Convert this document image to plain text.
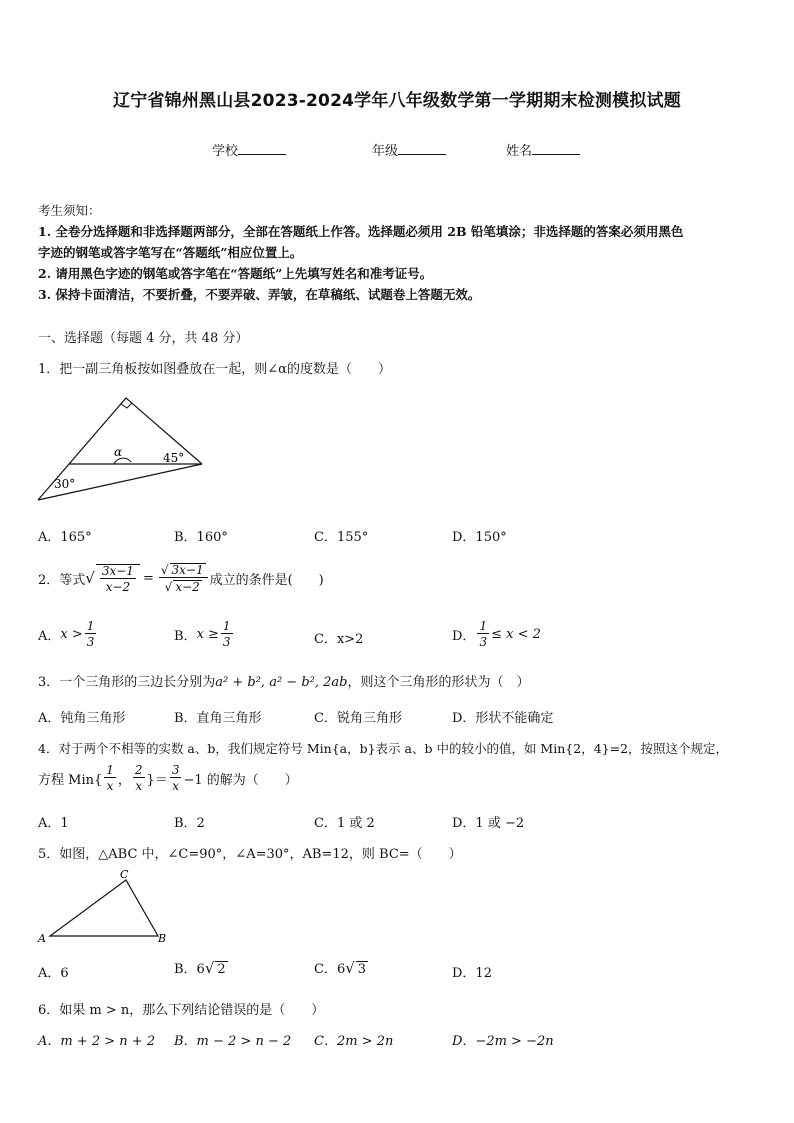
辽宁省锦州黑山县2023-2024学年八年级数学第一学期期末检测模拟试题
学校	年级	姓名
考生须知：
1. 全卷分选择题和非选择题两部分，全部在答题纸上作答。选择题必须用 2B 铅笔填涂；非选择题的答案必须用黑色
字迹的钢笔或答字笔写在“答题纸”相应位置上。
2. 请用黑色字迹的钢笔或答字笔在“答题纸”上先填写姓名和准考证号。
3. 保持卡面清洁，不要折叠，不要弄破、弄皱，在草稿纸、试题卷上答题无效。
一、选择题（每题 4 分，共 48 分）
1．把一副三角板按如图叠放在一起，则∠α的度数是（　　）
α	45°
30°
A．165°	B．160°	C．155°	D．150°
2．等式 √ $\frac{3x-1}{x-2} = \frac{√ 3x-1}{√ x-2}$ 成立的条件是(　　)
A． $x > \frac{1}{3}$	B． $x \ge \frac{1}{3}$	C．x>2	D． $\frac{1}{3} \le x < 2$
3．一个三角形的三边长分别为a² + b², a² − b², 2ab，则这个三角形的形状为（　）
A．钝角三角形	B．直角三角形	C．锐角三角形	D．形状不能确定
4．对于两个不相等的实数 a、b，我们规定符号 Min{a，b}表示 a、b 中的较小的值，如 Min{2，4}=2，按照这个规定，
方程 $Min\{ \frac{1}{x}$ ， $\frac{2}{x}$ }＝ $\frac{3}{x} -1$ 的解为（　　）
A．1	B．2	C．1 或 2	D．1 或 −2
5．如图，△ABC 中，∠C=90°，∠A=30°，AB=12，则 BC=（　　）
A	B
C
A．6	B．6√ 2	C．6√ 3	D．12
6．如果 m > n，那么下列结论错误的是（　　）
A．m + 2 > n + 2 B．m − 2 > n − 2 C．2m > 2n	D．−2m > −2n
